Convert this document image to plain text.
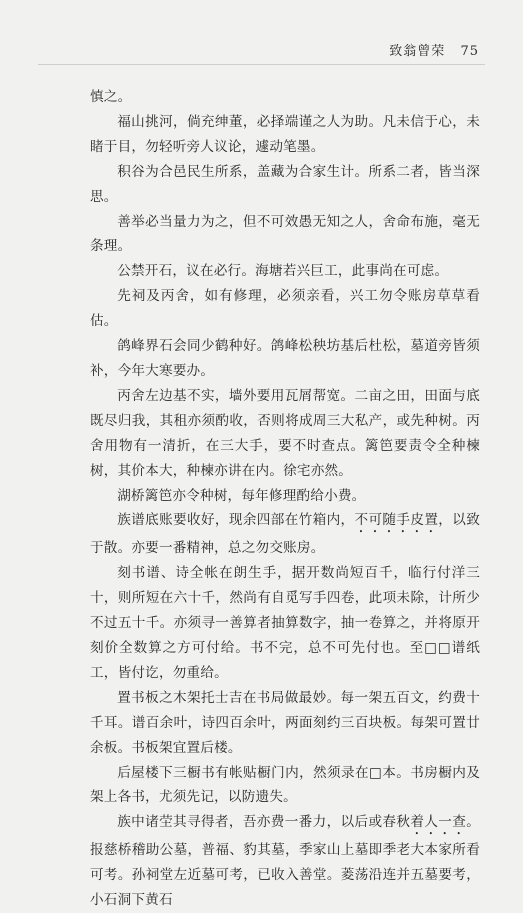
致翁曾荣 75

慎之。

福山挑河，倘充绅董，必择端谨之人为助。凡未信于心，未睹于目，勿轻听旁人议论，遽动笔墨。

积谷为合邑民生所系，盖藏为合家生计。所系二者，皆当深思。

善举必当量力为之，但不可效愚无知之人，舍命布施，毫无条理。

公禁开石，议在必行。海塘若兴巨工，此事尚在可虑。

先祠及丙舍，如有修理，必须亲看，兴工勿令账房草草看估。

鸽峰界石会同少鹤种好。鸽峰松秧坊基后杜松，墓道旁皆须补，今年大寒要办。

丙舍左边基不实，墙外要用瓦屑帮宽。二亩之田，田面与底既尽归我，其租亦须酌收，否则将成周三大私产，或先种树。丙舍用物有一清折，在三大手，要不时查点。篱笆要责令全种楝树，其价本大，种楝亦讲在内。徐宅亦然。

湖桥篱笆亦令种树，每年修理酌给小费。

族谱底账要收好，现余四部在竹箱内，不可随手皮置，以致于散。亦要一番精神，总之勿交账房。

刻书谱、诗全帐在朗生手，据开数尚短百千，临行付洋三十，则所短在六十千，然尚有自觅写手四卷，此项未除，计所少不过五十千。亦须寻一善算者抽算数字，抽一卷算之，并将原开刻价全数算之方可付给。书不完，总不可先付也。至□□谱纸工，皆付讫，勿重给。

置书板之木架托士吉在书局做最妙。每一架五百文，约费十千耳。谱百余叶，诗四百余叶，两面刻约三百块板。每架可置廿余板。书板架宜置后楼。

后屋楼下三橱书有帐贴橱门内，然须录在□本。书房橱内及架上各书，尤须先记，以防遗失。

族中诸茔其寻得者，吾亦费一番力，以后或春秋着人一查。报慈桥稽助公墓，普福、豹其墓，季家山上墓即季老大本家所看可考。孙祠堂左近墓可考，已收入善堂。菱荡沿连并五墓要考，小石洞下黄石
